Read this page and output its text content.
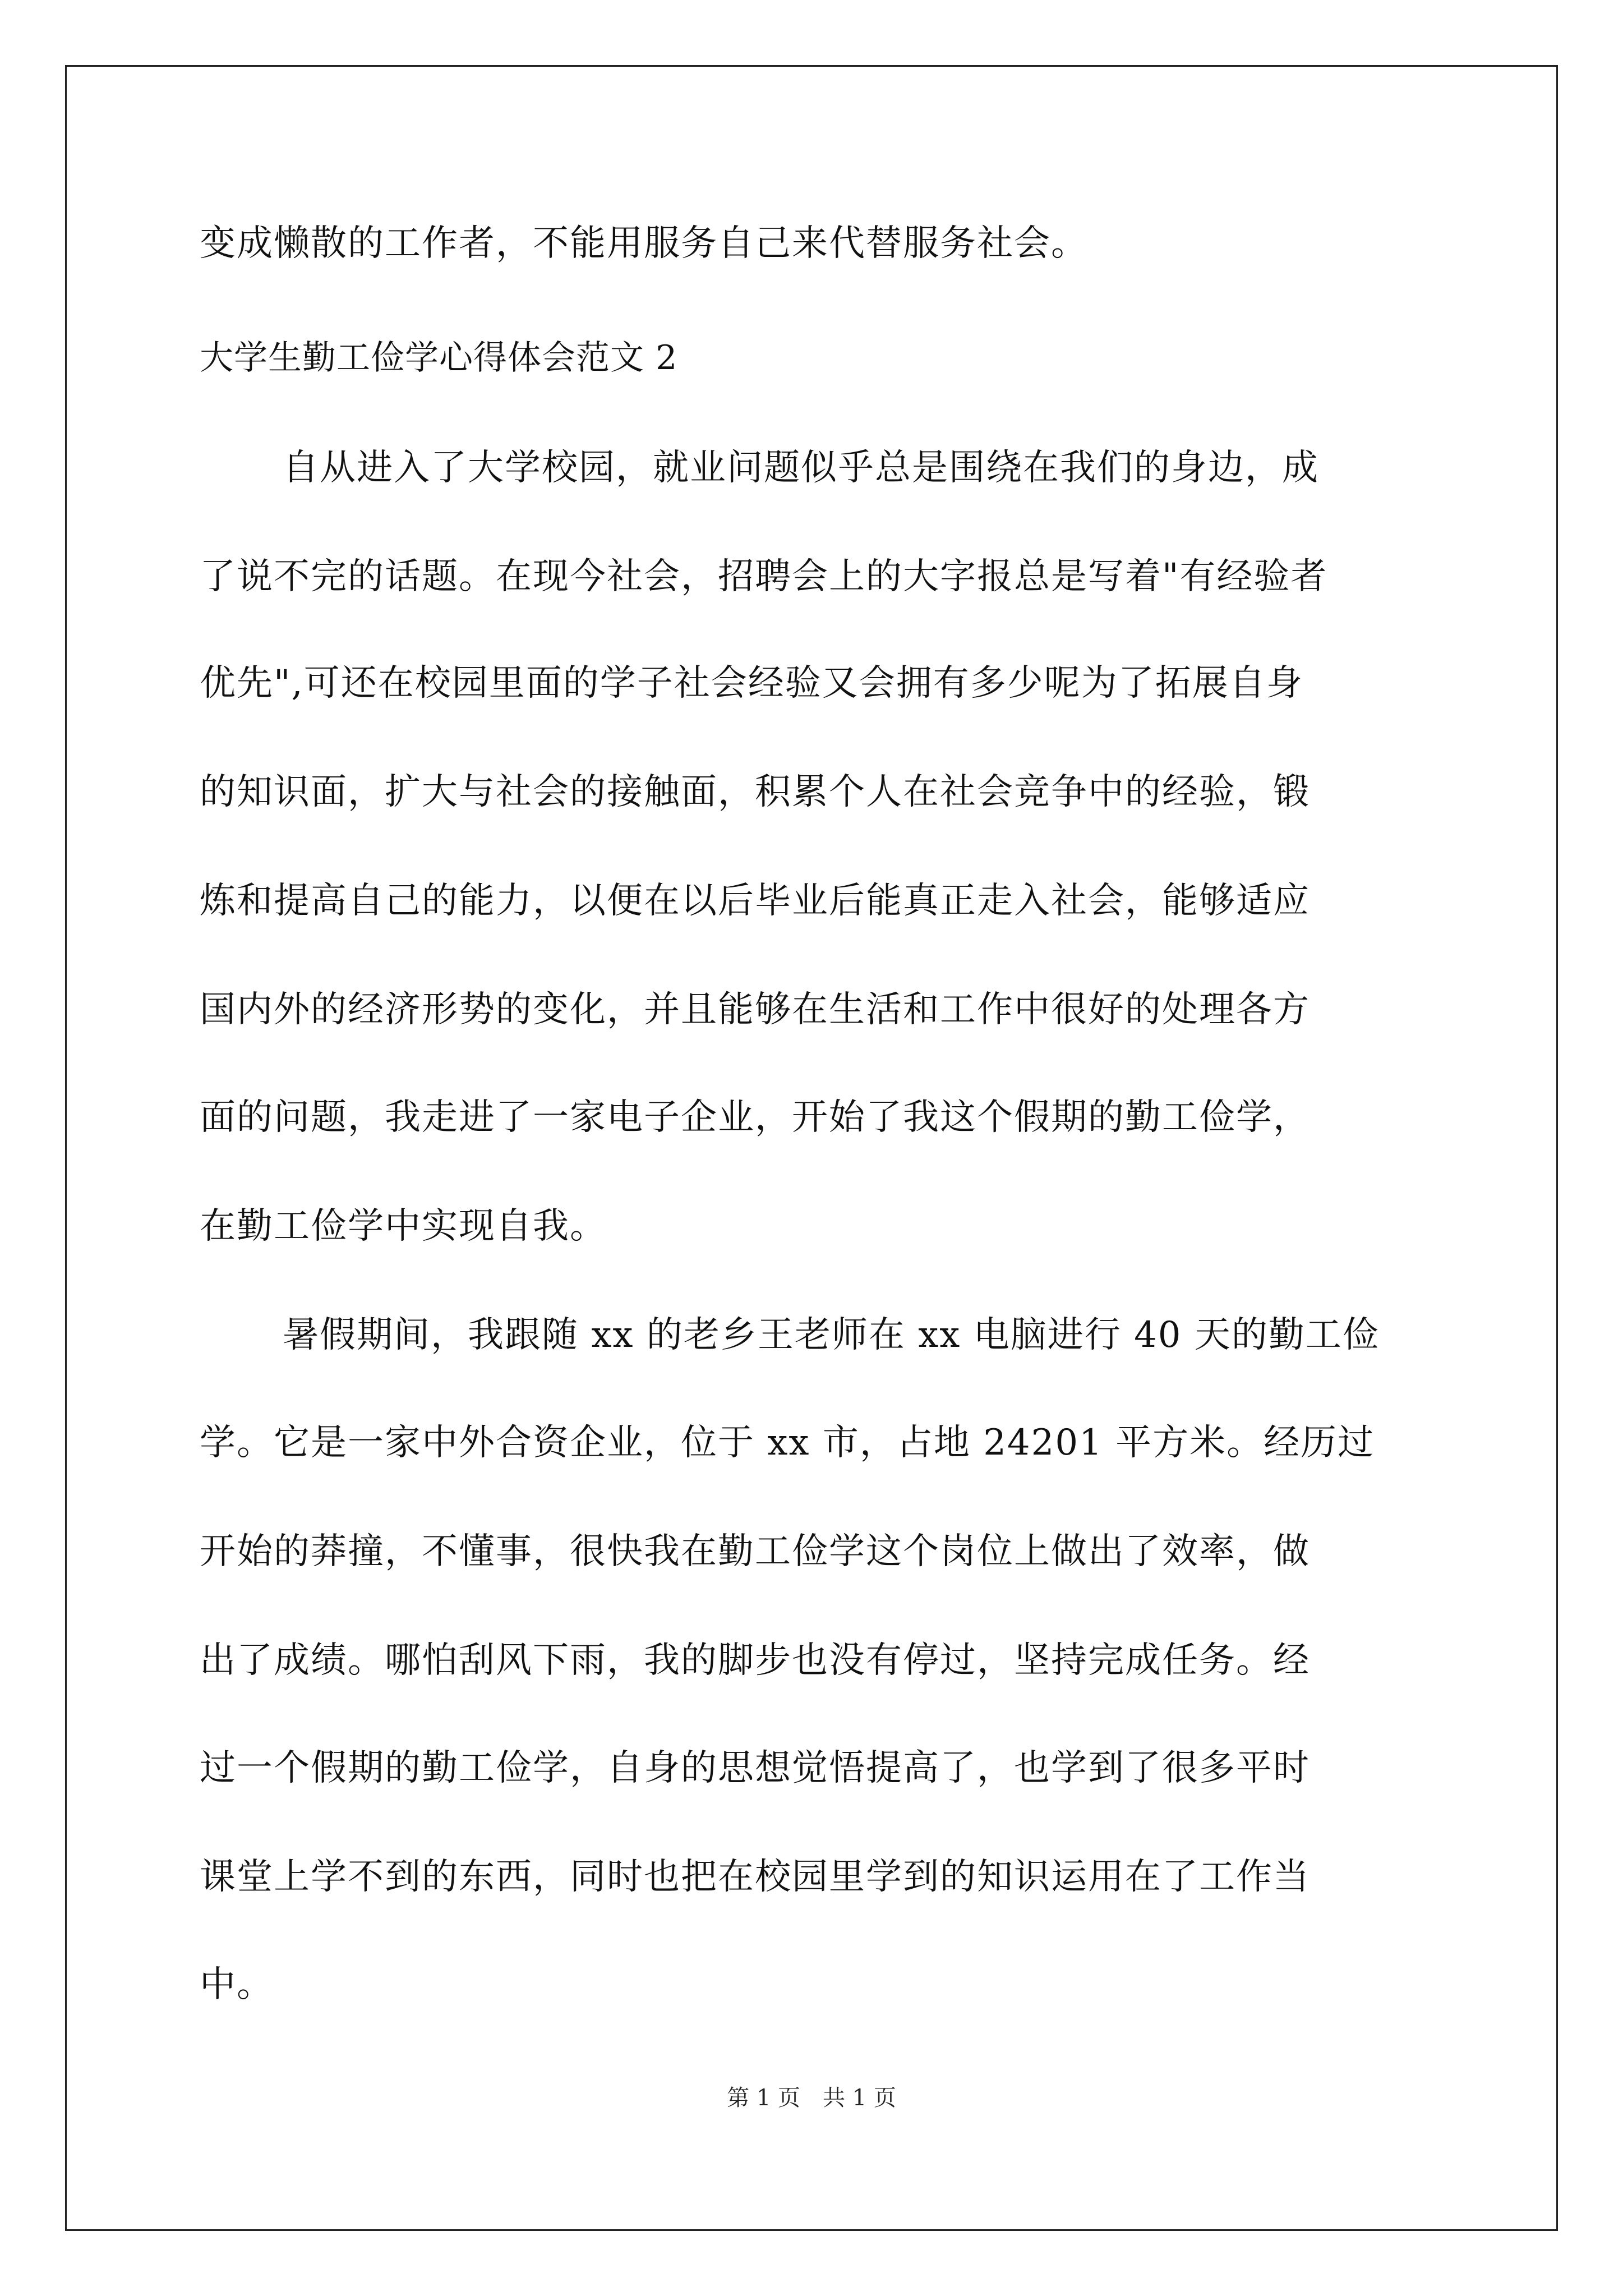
变成懒散的工作者，不能用服务自己来代替服务社会。
大学生勤工俭学心得体会范文 2
自从进入了大学校园，就业问题似乎总是围绕在我们的身边，成
了说不完的话题。在现今社会，招聘会上的大字报总是写着"有经验者
优先",可还在校园里面的学子社会经验又会拥有多少呢为了拓展自身
的知识面，扩大与社会的接触面，积累个人在社会竞争中的经验，锻
炼和提高自己的能力，以便在以后毕业后能真正走入社会，能够适应
国内外的经济形势的变化，并且能够在生活和工作中很好的处理各方
面的问题，我走进了一家电子企业，开始了我这个假期的勤工俭学，
在勤工俭学中实现自我。
暑假期间，我跟随 xx 的老乡王老师在 xx 电脑进行 40 天的勤工俭
学。它是一家中外合资企业，位于 xx 市，占地 24201 平方米。经历过
开始的莽撞，不懂事，很快我在勤工俭学这个岗位上做出了效率，做
出了成绩。哪怕刮风下雨，我的脚步也没有停过，坚持完成任务。经
过一个假期的勤工俭学，自身的思想觉悟提高了，也学到了很多平时
课堂上学不到的东西，同时也把在校园里学到的知识运用在了工作当
中。
第 1 页　共 1 页
